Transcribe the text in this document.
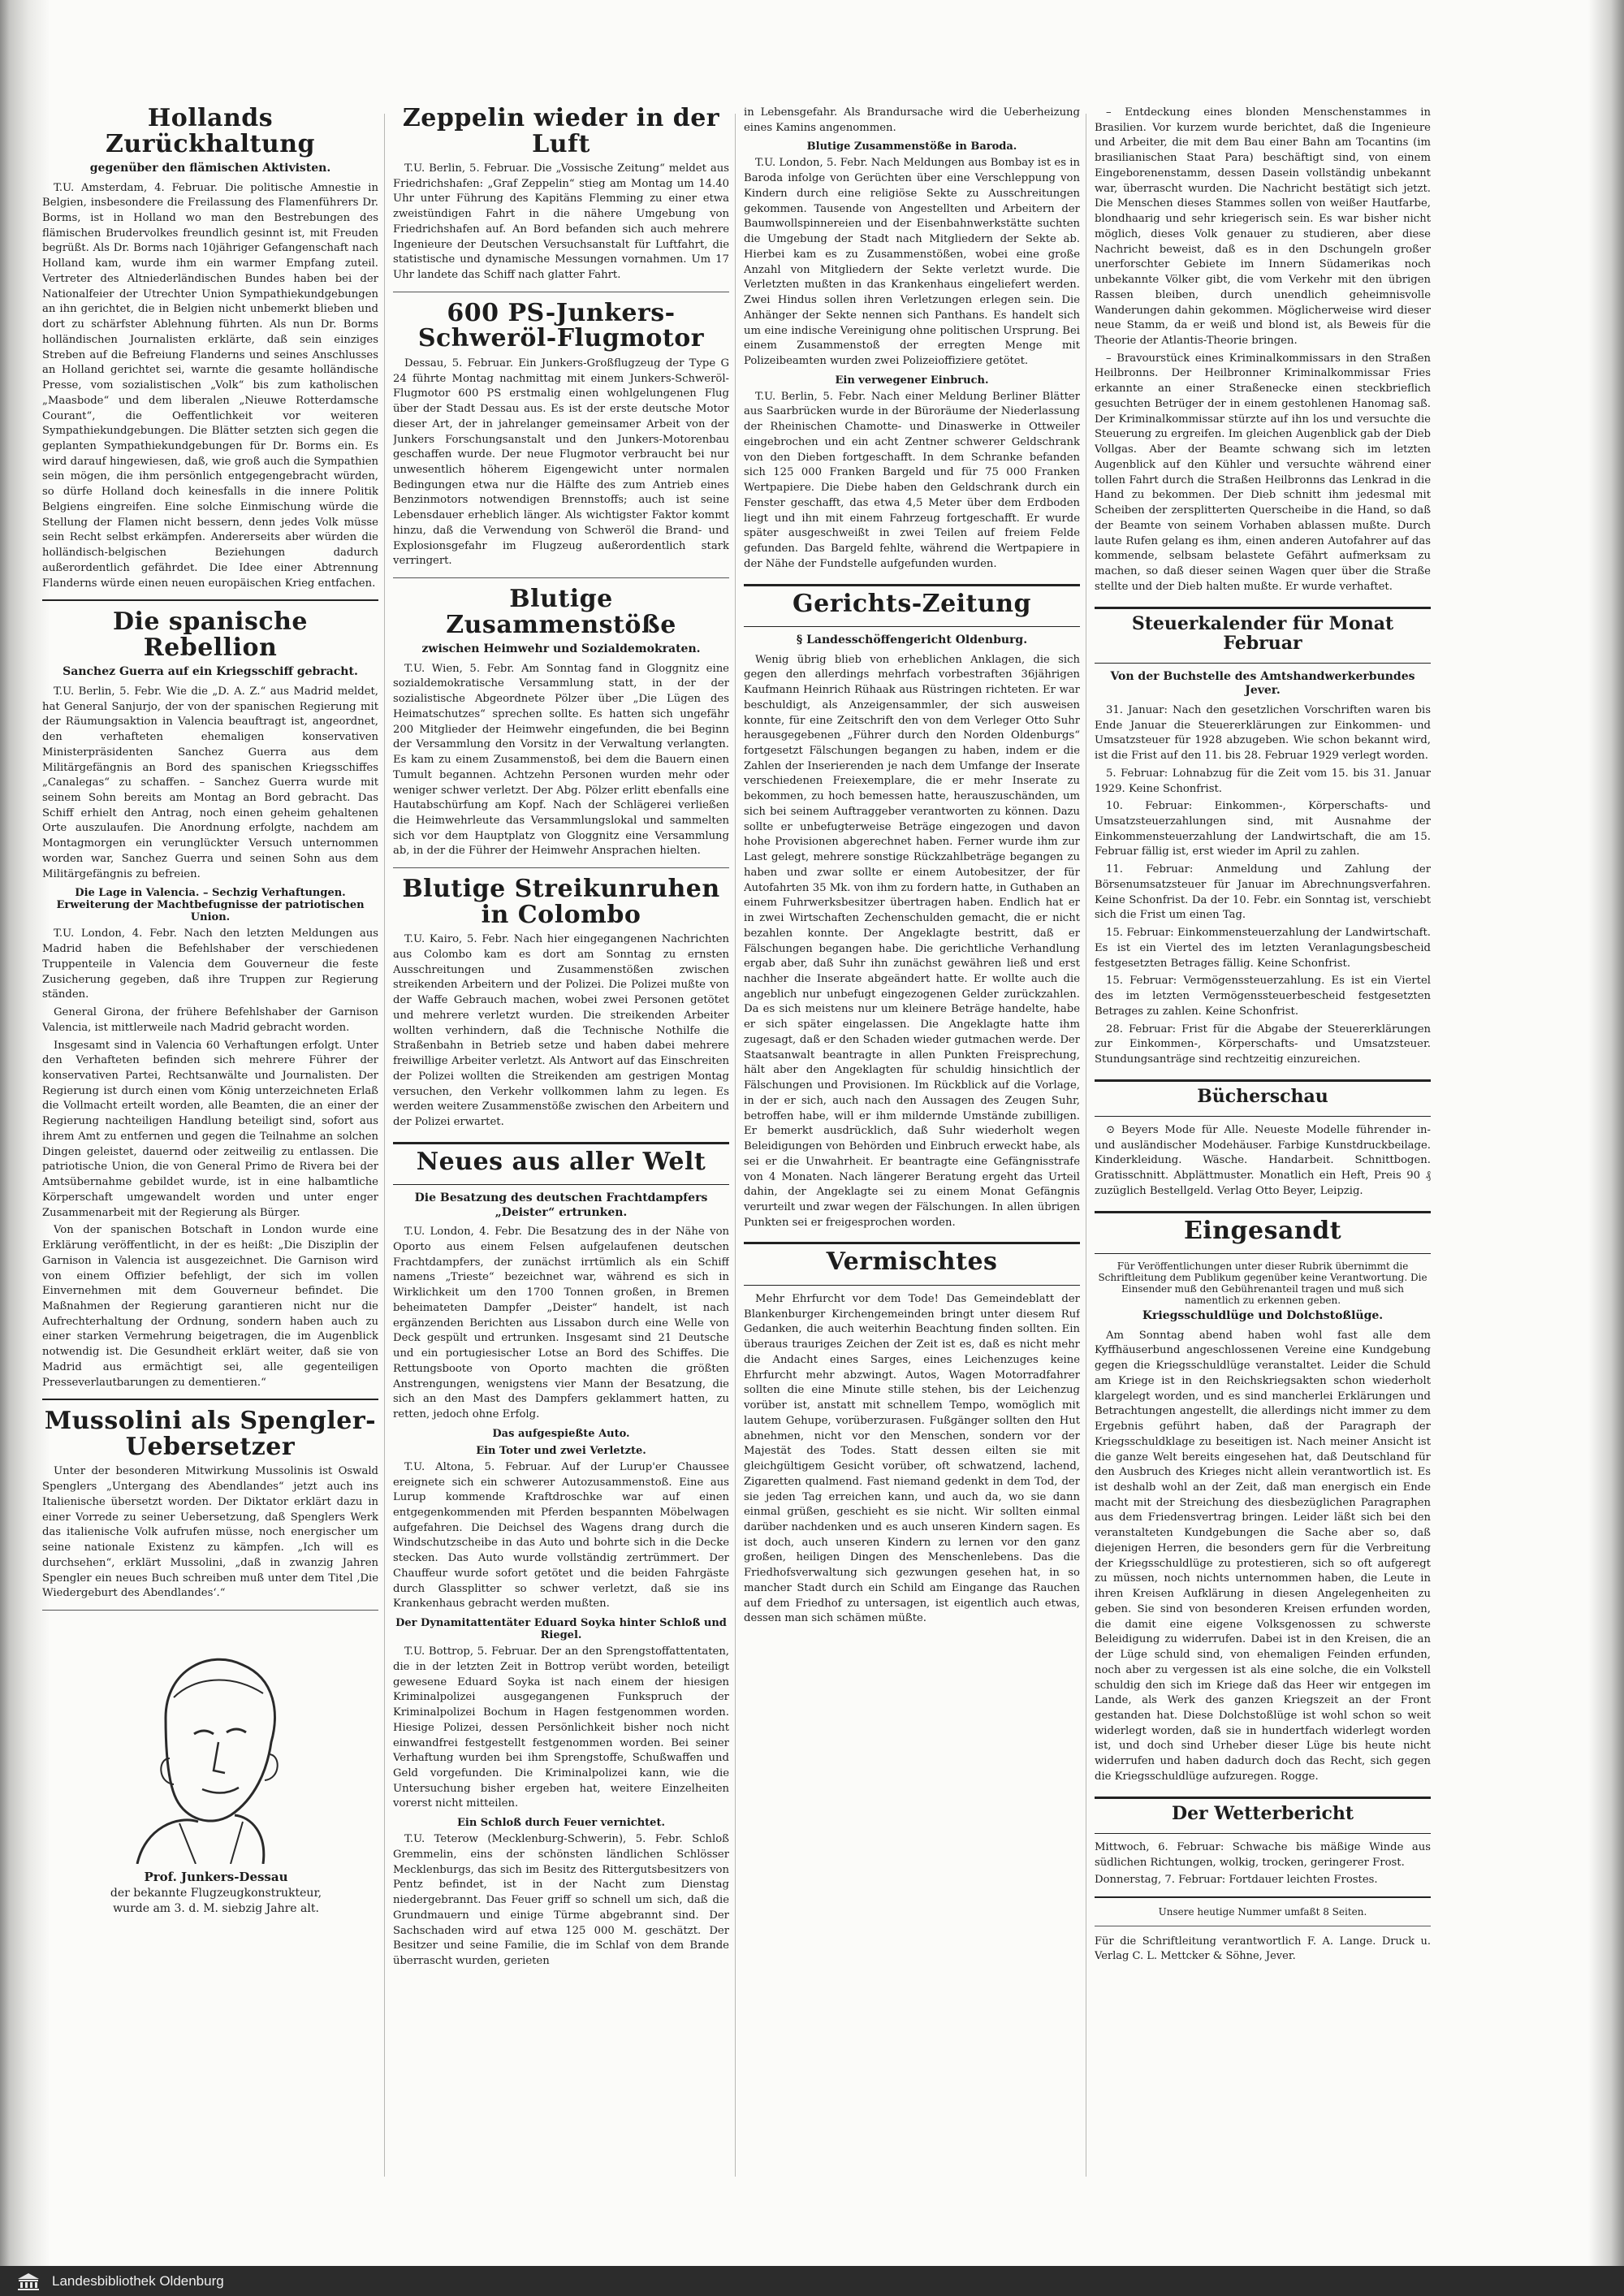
Hollands Zurückhaltung
gegenüber den flämischen Aktivisten.

T.U. Amsterdam, 4. Februar. Die politische Amnestie in Belgien, insbesondere die Freilassung des Flamenführers Dr. Borms, ist in Holland wo man den Bestrebungen des flämischen Brudervolkes freundlich gesinnt ist, mit Freuden begrüßt. Als Dr. Borms nach 10jähriger Gefangenschaft nach Holland kam, wurde ihm ein warmer Empfang zuteil. Vertreter des Altniederländischen Bundes haben bei der Nationalfeier der Utrechter Union Sympathiekundgebungen an ihn gerichtet, die in Belgien nicht unbemerkt blieben und dort zu schärfster Ablehnung führten. Als nun Dr. Borms holländischen Journalisten erklärte, daß sein einziges Streben auf die Befreiung Flanderns und seines Anschlusses an Holland gerichtet sei, warnte die gesamte holländische Presse, vom sozialistischen „Volk“ bis zum katholischen „Maasbode“ und dem liberalen „Nieuwe Rotterdamsche Courant“, die Oeffentlichkeit vor weiteren Sympathiekundgebungen. Die Blätter setzten sich gegen die geplanten Sympathiekundgebungen für Dr. Borms ein. Es wird darauf hingewiesen, daß, wie groß auch die Sympathien sein mögen, die ihm persönlich entgegengebracht würden, so dürfe Holland doch keinesfalls in die innere Politik Belgiens eingreifen. Eine solche Einmischung würde die Stellung der Flamen nicht bessern, denn jedes Volk müsse sein Recht selbst erkämpfen. Andererseits aber würden die holländisch-belgischen Beziehungen dadurch außerordentlich gefährdet. Die Idee einer Abtrennung Flanderns würde einen neuen europäischen Krieg entfachen.

Die spanische Rebellion
Sanchez Guerra auf ein Kriegsschiff gebracht.

T.U. Berlin, 5. Febr. Wie die „D. A. Z.“ aus Madrid meldet, hat General Sanjurjo, der von der spanischen Regierung mit der Räumungsaktion in Valencia beauftragt ist, angeordnet, den verhafteten ehemaligen konservativen Ministerpräsidenten Sanchez Guerra aus dem Militärgefängnis an Bord des spanischen Kriegsschiffes „Canalegas“ zu schaffen. – Sanchez Guerra wurde mit seinem Sohn bereits am Montag an Bord gebracht. Das Schiff erhielt den Antrag, noch einen geheim gehaltenen Orte auszulaufen. Die Anordnung erfolgte, nachdem am Montagmorgen ein verunglückter Versuch unternommen worden war, Sanchez Guerra und seinen Sohn aus dem Militärgefängnis zu befreien.

Die Lage in Valencia. – Sechzig Verhaftungen. Erweiterung der Machtbefugnisse der patriotischen Union.

T.U. London, 4. Febr. Nach den letzten Meldungen aus Madrid haben die Befehlshaber der verschiedenen Truppenteile in Valencia dem Gouverneur die feste Zusicherung gegeben, daß ihre Truppen zur Regierung ständen.

General Girona, der frühere Befehlshaber der Garnison Valencia, ist mittlerweile nach Madrid gebracht worden.

Insgesamt sind in Valencia 60 Verhaftungen erfolgt. Unter den Verhafteten befinden sich mehrere Führer der konservativen Partei, Rechtsanwälte und Journalisten. Der Regierung ist durch einen vom König unterzeichneten Erlaß die Vollmacht erteilt worden, alle Beamten, die an einer der Regierung nachteiligen Handlung beteiligt sind, sofort aus ihrem Amt zu entfernen und gegen die Teilnahme an solchen Dingen geleistet, dauernd oder zeitweilig zu entlassen. Die patriotische Union, die von General Primo de Rivera bei der Amtsübernahme gebildet wurde, ist in eine halbamtliche Körperschaft umgewandelt worden und unter enger Zusammenarbeit mit der Regierung als Bürger.

Von der spanischen Botschaft in London wurde eine Erklärung veröffentlicht, in der es heißt: „Die Disziplin der Garnison in Valencia ist ausgezeichnet. Die Garnison wird von einem Offizier befehligt, der sich im vollen Einvernehmen mit dem Gouverneur befindet. Die Maßnahmen der Regierung garantieren nicht nur die Aufrechterhaltung der Ordnung, sondern haben auch zu einer starken Vermehrung beigetragen, die im Augenblick notwendig ist. Die Gesundheit erklärt weiter, daß sie von Madrid aus ermächtigt sei, alle gegenteiligen Presseverlautbarungen zu dementieren.“

Mussolini als Spengler-Uebersetzer

Unter der besonderen Mitwirkung Mussolinis ist Oswald Spenglers „Untergang des Abendlandes“ jetzt auch ins Italienische übersetzt worden. Der Diktator erklärt dazu in einer Vorrede zu seiner Uebersetzung, daß Spenglers Werk das italienische Volk aufrufen müsse, noch energischer um seine nationale Existenz zu kämpfen. „Ich will es durchsehen“, erklärt Mussolini, „daß in zwanzig Jahren Spengler ein neues Buch schreiben muß unter dem Titel ‚Die Wiedergeburt des Abendlandes‘.“

Prof. Junkers-Dessau

der bekannte Flugzeugkonstrukteur,

wurde am 3. d. M. siebzig Jahre alt.

Zeppelin wieder in der Luft

T.U. Berlin, 5. Februar. Die „Vossische Zeitung“ meldet aus Friedrichshafen: „Graf Zeppelin“ stieg am Montag um 14.40 Uhr unter Führung des Kapitäns Flemming zu einer etwa zweistündigen Fahrt in die nähere Umgebung von Friedrichshafen auf. An Bord befanden sich auch mehrere Ingenieure der Deutschen Versuchsanstalt für Luftfahrt, die statistische und dynamische Messungen vornahmen. Um 17 Uhr landete das Schiff nach glatter Fahrt.

600 PS-Junkers-Schweröl-Flugmotor

Dessau, 5. Februar. Ein Junkers-Großflugzeug der Type G 24 führte Montag nachmittag mit einem Junkers-Schweröl-Flugmotor 600 PS erstmalig einen wohlgelungenen Flug über der Stadt Dessau aus. Es ist der erste deutsche Motor dieser Art, der in jahrelanger gemeinsamer Arbeit von der Junkers Forschungsanstalt und den Junkers-Motorenbau geschaffen wurde. Der neue Flugmotor verbraucht bei nur unwesentlich höherem Eigengewicht unter normalen Bedingungen etwa nur die Hälfte des zum Antrieb eines Benzinmotors notwendigen Brennstoffs; auch ist seine Lebensdauer erheblich länger. Als wichtigster Faktor kommt hinzu, daß die Verwendung von Schweröl die Brand- und Explosionsgefahr im Flugzeug außerordentlich stark verringert.

Blutige Zusammenstöße
zwischen Heimwehr und Sozialdemokraten.

T.U. Wien, 5. Febr. Am Sonntag fand in Gloggnitz eine sozialdemokratische Versammlung statt, in der der sozialistische Abgeordnete Pölzer über „Die Lügen des Heimatschutzes“ sprechen sollte. Es hatten sich ungefähr 200 Mitglieder der Heimwehr eingefunden, die bei Beginn der Versammlung den Vorsitz in der Verwaltung verlangten. Es kam zu einem Zusammenstoß, bei dem die Bauern einen Tumult begannen. Achtzehn Personen wurden mehr oder weniger schwer verletzt. Der Abg. Pölzer erlitt ebenfalls eine Hautabschürfung am Kopf. Nach der Schlägerei verließen die Heimwehrleute das Versammlungslokal und sammelten sich vor dem Hauptplatz von Gloggnitz eine Versammlung ab, in der die Führer der Heimwehr Ansprachen hielten.

Blutige Streikunruhen in Colombo

T.U. Kairo, 5. Febr. Nach hier eingegangenen Nachrichten aus Colombo kam es dort am Sonntag zu ernsten Ausschreitungen und Zusammenstößen zwischen streikenden Arbeitern und der Polizei. Die Polizei mußte von der Waffe Gebrauch machen, wobei zwei Personen getötet und mehrere verletzt wurden. Die streikenden Arbeiter wollten verhindern, daß die Technische Nothilfe die Straßenbahn in Betrieb setze und haben dabei mehrere freiwillige Arbeiter verletzt. Als Antwort auf das Einschreiten der Polizei wollten die Streikenden am gestrigen Montag versuchen, den Verkehr vollkommen lahm zu legen. Es werden weitere Zusammenstöße zwischen den Arbeitern und der Polizei erwartet.

Neues aus aller Welt
Die Besatzung des deutschen Frachtdampfers „Deister“ ertrunken.

T.U. London, 4. Febr. Die Besatzung des in der Nähe von Oporto aus einem Felsen aufgelaufenen deutschen Frachtdampfers, der zunächst irrtümlich als ein Schiff namens „Trieste“ bezeichnet war, während es sich in Wirklichkeit um den 1700 Tonnen großen, in Bremen beheimateten Dampfer „Deister“ handelt, ist nach ergänzenden Berichten aus Lissabon durch eine Welle von Deck gespült und ertrunken. Insgesamt sind 21 Deutsche und ein portugiesischer Lotse an Bord des Schiffes. Die Rettungsboote von Oporto machten die größten Anstrengungen, wenigstens vier Mann der Besatzung, die sich an den Mast des Dampfers geklammert hatten, zu retten, jedoch ohne Erfolg.

Das aufgespießte Auto.
Ein Toter und zwei Verletzte.

T.U. Altona, 5. Februar. Auf der Lurup'er Chaussee ereignete sich ein schwerer Autozusammenstoß. Eine aus Lurup kommende Kraftdroschke war auf einen entgegenkommenden mit Pferden bespannten Möbelwagen aufgefahren. Die Deichsel des Wagens drang durch die Windschutzscheibe in das Auto und bohrte sich in die Decke stecken. Das Auto wurde vollständig zertrümmert. Der Chauffeur wurde sofort getötet und die beiden Fahrgäste durch Glassplitter so schwer verletzt, daß sie ins Krankenhaus gebracht werden mußten.

Der Dynamitattentäter Eduard Soyka hinter Schloß und Riegel.

T.U. Bottrop, 5. Februar. Der an den Sprengstoffattentaten, die in der letzten Zeit in Bottrop verübt worden, beteiligt gewesene Eduard Soyka ist nach einem der hiesigen Kriminalpolizei ausgegangenen Funkspruch der Kriminalpolizei Bochum in Hagen festgenommen worden. Hiesige Polizei, dessen Persönlichkeit bisher noch nicht einwandfrei festgestellt festgenommen worden. Bei seiner Verhaftung wurden bei ihm Sprengstoffe, Schußwaffen und Geld vorgefunden. Die Kriminalpolizei kann, wie die Untersuchung bisher ergeben hat, weitere Einzelheiten vorerst nicht mitteilen.

Ein Schloß durch Feuer vernichtet.

T.U. Teterow (Mecklenburg-Schwerin), 5. Febr. Schloß Gremmelin, eins der schönsten ländlichen Schlösser Mecklenburgs, das sich im Besitz des Rittergutsbesitzers von Pentz befindet, ist in der Nacht zum Dienstag niedergebrannt. Das Feuer griff so schnell um sich, daß die Grundmauern und einige Türme abgebrannt sind. Der Sachschaden wird auf etwa 125 000 M. geschätzt. Der Besitzer und seine Familie, die im Schlaf von dem Brande überrascht wurden, gerieten

in Lebensgefahr. Als Brandursache wird die Ueberheizung eines Kamins angenommen.

Blutige Zusammenstöße in Baroda.

T.U. London, 5. Febr. Nach Meldungen aus Bombay ist es in Baroda infolge von Gerüchten über eine Verschleppung von Kindern durch eine religiöse Sekte zu Ausschreitungen gekommen. Tausende von Angestellten und Arbeitern der Baumwollspinnereien und der Eisenbahnwerkstätte suchten die Umgebung der Stadt nach Mitgliedern der Sekte ab. Hierbei kam es zu Zusammenstößen, wobei eine große Anzahl von Mitgliedern der Sekte verletzt wurde. Die Verletzten mußten in das Krankenhaus eingeliefert werden. Zwei Hindus sollen ihren Verletzungen erlegen sein. Die Anhänger der Sekte nennen sich Panthans. Es handelt sich um eine indische Vereinigung ohne politischen Ursprung. Bei einem Zusammenstoß der erregten Menge mit Polizeibeamten wurden zwei Polizeioffiziere getötet.

Ein verwegener Einbruch.

T.U. Berlin, 5. Febr. Nach einer Meldung Berliner Blätter aus Saarbrücken wurde in der Büroräume der Niederlassung der Rheinischen Chamotte- und Dinaswerke in Ottweiler eingebrochen und ein acht Zentner schwerer Geldschrank von den Dieben fortgeschafft. In dem Schranke befanden sich 125 000 Franken Bargeld und für 75 000 Franken Wertpapiere. Die Diebe haben den Geldschrank durch ein Fenster geschafft, das etwa 4,5 Meter über dem Erdboden liegt und ihn mit einem Fahrzeug fortgeschafft. Er wurde später ausgeschweißt in zwei Teilen auf freiem Felde gefunden. Das Bargeld fehlte, während die Wertpapiere in der Nähe der Fundstelle aufgefunden wurden.

Gerichts-Zeitung
§ Landesschöffengericht Oldenburg.

Wenig übrig blieb von erheblichen Anklagen, die sich gegen den allerdings mehrfach vorbestraften 36jährigen Kaufmann Heinrich Rühaak aus Rüstringen richteten. Er war beschuldigt, als Anzeigensammler, der sich ausweisen konnte, für eine Zeitschrift den von dem Verleger Otto Suhr herausgegebenen „Führer durch den Norden Oldenburgs“ fortgesetzt Fälschungen begangen zu haben, indem er die Zahlen der Inserierenden je nach dem Umfange der Inserate verschiedenen Freiexemplare, die er mehr Inserate zu bekommen, zu hoch bemessen hatte, herauszuschänden, um sich bei seinem Auftraggeber verantworten zu können. Dazu sollte er unbefugterweise Beträge eingezogen und davon hohe Provisionen abgerechnet haben. Ferner wurde ihm zur Last gelegt, mehrere sonstige Rückzahlbeträge begangen zu haben und zwar sollte er einem Autobesitzer, der für Autofahrten 35 Mk. von ihm zu fordern hatte, in Guthaben an einem Fuhrwerksbesitzer übertragen haben. Endlich hat er in zwei Wirtschaften Zechenschulden gemacht, die er nicht bezahlen konnte. Der Angeklagte bestritt, daß er Fälschungen begangen habe. Die gerichtliche Verhandlung ergab aber, daß Suhr ihn zunächst gewähren ließ und erst nachher die Inserate abgeändert hatte. Er wollte auch die angeblich nur unbefugt eingezogenen Gelder zurückzahlen. Da es sich meistens nur um kleinere Beträge handelte, habe er sich später eingelassen. Die Angeklagte hatte ihm zugesagt, daß er den Schaden wieder gutmachen werde. Der Staatsanwalt beantragte in allen Punkten Freisprechung, hält aber den Angeklagten für schuldig hinsichtlich der Fälschungen und Provisionen. Im Rückblick auf die Vorlage, in der er sich, auch nach den Aussagen des Zeugen Suhr, betroffen habe, will er ihm mildernde Umstände zubilligen. Er bemerkt ausdrücklich, daß Suhr wiederholt wegen Beleidigungen von Behörden und Einbruch erweckt habe, als sei er die Unwahrheit. Er beantragte eine Gefängnisstrafe von 4 Monaten. Nach längerer Beratung ergeht das Urteil dahin, der Angeklagte sei zu einem Monat Gefängnis verurteilt und zwar wegen der Fälschungen. In allen übrigen Punkten sei er freigesprochen worden.

Vermischtes

Mehr Ehrfurcht vor dem Tode! Das Gemeindeblatt der Blankenburger Kirchengemeinden bringt unter diesem Ruf Gedanken, die auch weiterhin Beachtung finden sollten. Ein überaus trauriges Zeichen der Zeit ist es, daß es nicht mehr die Andacht eines Sarges, eines Leichenzuges keine Ehrfurcht mehr abzwingt. Autos, Wagen Motorradfahrer sollten die eine Minute stille stehen, bis der Leichenzug vorüber ist, anstatt mit schnellem Tempo, womöglich mit lautem Gehupe, vorüberzurasen. Fußgänger sollten den Hut abnehmen, nicht vor den Menschen, sondern vor der Majestät des Todes. Statt dessen eilten sie mit gleichgültigem Gesicht vorüber, oft schwatzend, lachend, Zigaretten qualmend. Fast niemand gedenkt in dem Tod, der sie jeden Tag erreichen kann, und auch da, wo sie dann einmal grüßen, geschieht es sie nicht. Wir sollten einmal darüber nachdenken und es auch unseren Kindern sagen. Es ist doch, auch unseren Kindern zu lernen vor den ganz großen, heiligen Dingen des Menschenlebens. Das die Friedhofsverwaltung sich gezwungen gesehen hat, in so mancher Stadt durch ein Schild am Eingange das Rauchen auf dem Friedhof zu untersagen, ist eigentlich auch etwas, dessen man sich schämen müßte.

– Entdeckung eines blonden Menschenstammes in Brasilien. Vor kurzem wurde berichtet, daß die Ingenieure und Arbeiter, die mit dem Bau einer Bahn am Tocantins (im brasilianischen Staat Para) beschäftigt sind, von einem Eingeborenenstamm, dessen Dasein vollständig unbekannt war, überrascht wurden. Die Nachricht bestätigt sich jetzt. Die Menschen dieses Stammes sollen von weißer Hautfarbe, blondhaarig und sehr kriegerisch sein. Es war bisher nicht möglich, dieses Volk genauer zu studieren, aber diese Nachricht beweist, daß es in den Dschungeln großer unerforschter Gebiete im Innern Südamerikas noch unbekannte Völker gibt, die vom Verkehr mit den übrigen Rassen bleiben, durch unendlich geheimnisvolle Wanderungen dahin gekommen. Möglicherweise wird dieser neue Stamm, da er weiß und blond ist, als Beweis für die Theorie der Atlantis-Theorie bringen.

– Bravourstück eines Kriminalkommissars in den Straßen Heilbronns. Der Heilbronner Kriminalkommissar Fries erkannte an einer Straßenecke einen steckbrieflich gesuchten Betrüger der in einem gestohlenen Hanomag saß. Der Kriminalkommissar stürzte auf ihn los und versuchte die Steuerung zu ergreifen. Im gleichen Augenblick gab der Dieb Vollgas. Aber der Beamte schwang sich im letzten Augenblick auf den Kühler und versuchte während einer tollen Fahrt durch die Straßen Heilbronns das Lenkrad in die Hand zu bekommen. Der Dieb schnitt ihm jedesmal mit Scheiben der zersplitterten Querscheibe in die Hand, so daß der Beamte von seinem Vorhaben ablassen mußte. Durch laute Rufen gelang es ihm, einen anderen Autofahrer auf das kommende, selbsam belastete Gefährt aufmerksam zu machen, so daß dieser seinen Wagen quer über die Straße stellte und der Dieb halten mußte. Er wurde verhaftet.

Steuerkalender für Monat Februar
Von der Buchstelle des Amtshandwerkerbundes Jever.

31. Januar: Nach den gesetzlichen Vorschriften waren bis Ende Januar die Steuererklärungen zur Einkommen- und Umsatzsteuer für 1928 abzugeben. Wie schon bekannt wird, ist die Frist auf den 11. bis 28. Februar 1929 verlegt worden.

5. Februar: Lohnabzug für die Zeit vom 15. bis 31. Januar 1929. Keine Schonfrist.

10. Februar: Einkommen-, Körperschafts- und Umsatzsteuerzahlungen sind, mit Ausnahme der Einkommensteuerzahlung der Landwirtschaft, die am 15. Februar fällig ist, erst wieder im April zu zahlen.

11. Februar: Anmeldung und Zahlung der Börsenumsatzsteuer für Januar im Abrechnungsverfahren. Keine Schonfrist. Da der 10. Febr. ein Sonntag ist, verschiebt sich die Frist um einen Tag.

15. Februar: Einkommensteuerzahlung der Landwirtschaft. Es ist ein Viertel des im letzten Veranlagungsbescheid festgesetzten Betrages fällig. Keine Schonfrist.

15. Februar: Vermögenssteuerzahlung. Es ist ein Viertel des im letzten Vermögenssteuerbescheid festgesetzten Betrages zu zahlen. Keine Schonfrist.

28. Februar: Frist für die Abgabe der Steuererklärungen zur Einkommen-, Körperschafts- und Umsatzsteuer. Stundungsanträge sind rechtzeitig einzureichen.

Bücherschau

⊙ Beyers Mode für Alle. Neueste Modelle führender in- und ausländischer Modehäuser. Farbige Kunstdruckbeilage. Kinderkleidung. Wäsche. Handarbeit. Schnittbogen. Gratisschnitt. Abplättmuster. Monatlich ein Heft, Preis 90 ₰ zuzüglich Bestellgeld. Verlag Otto Beyer, Leipzig.

Eingesandt
Für Veröffentlichungen unter dieser Rubrik übernimmt die Schriftleitung dem Publikum gegenüber keine Verantwortung. Die Einsender muß den Gebührenanteil tragen und muß sich namentlich zu erkennen geben.
Kriegsschuldlüge und Dolchstoßlüge.

Am Sonntag abend haben wohl fast alle dem Kyffhäuserbund angeschlossenen Vereine eine Kundgebung gegen die Kriegsschuldlüge veranstaltet. Leider die Schuld am Kriege ist in den Reichskriegsakten schon wiederholt klargelegt worden, und es sind mancherlei Erklärungen und Betrachtungen angestellt, die allerdings nicht immer zu dem Ergebnis geführt haben, daß der Paragraph der Kriegsschuldklage zu beseitigen ist. Nach meiner Ansicht ist die ganze Welt bereits eingesehen hat, daß Deutschland für den Ausbruch des Krieges nicht allein verantwortlich ist. Es ist deshalb wohl an der Zeit, daß man energisch ein Ende macht mit der Streichung des diesbezüglichen Paragraphen aus dem Friedensvertrag bringen. Leider läßt sich bei den veranstalteten Kundgebungen die Sache aber so, daß diejenigen Herren, die besonders gern für die Verbreitung der Kriegsschuldlüge zu protestieren, sich so oft aufgeregt zu müssen, noch nichts unternommen haben, die Leute in ihren Kreisen Aufklärung in diesen Angelegenheiten zu geben. Sie sind von besonderen Kreisen erfunden worden, die damit eine eigene Volksgenossen zu schwerste Beleidigung zu widerrufen. Dabei ist in den Kreisen, die an der Lüge schuld sind, von ehemaligen Feinden erfunden, noch aber zu vergessen ist als eine solche, die ein Volkstell schuldig den sich im Kriege daß das Heer wir entgegen im Lande, als Werk des ganzen Kriegszeit an der Front gestanden hat. Diese Dolchstoßlüge ist wohl schon so weit widerlegt worden, daß sie in hundertfach widerlegt worden ist, und doch sind Urheber dieser Lüge bis heute nicht widerrufen und haben dadurch doch das Recht, sich gegen die Kriegsschuldlüge aufzuregen. Rogge.

Der Wetterbericht

Mittwoch, 6. Februar: Schwache bis mäßige Winde aus südlichen Richtungen, wolkig, trocken, geringerer Frost.

Donnerstag, 7. Februar: Fortdauer leichten Frostes.

Unsere heutige Nummer umfaßt 8 Seiten.

Für die Schriftleitung verantwortlich F. A. Lange. Druck u. Verlag C. L. Mettcker & Söhne, Jever.

Landesbibliothek Oldenburg
